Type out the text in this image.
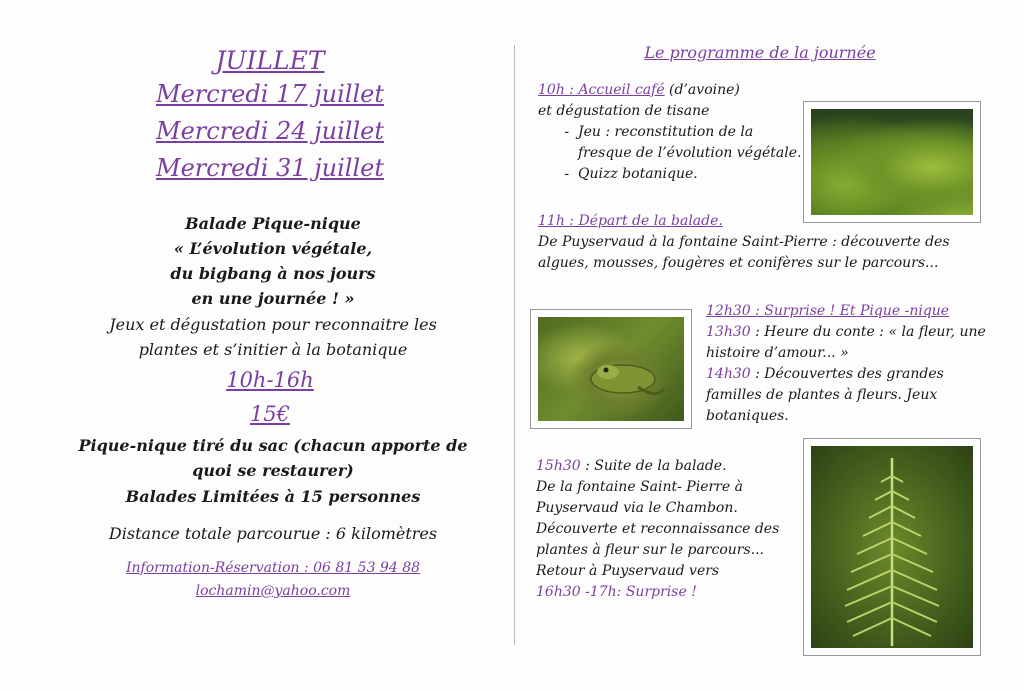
JUILLET
Mercredi 17 juillet
Mercredi 24 juillet
Mercredi 31 juillet
Balade Pique-nique
« L’évolution végétale,
du bigbang à nos jours
en une journée ! »
Jeux et dégustation pour reconnaitre les
plantes et s’initier à la botanique
10h-16h
15€
Pique-nique tiré du sac (chacun apporte de
quoi se restaurer)
Balades Limitées à 15 personnes
Distance totale parcourue : 6 kilomètres
Information-Réservation : 06 81 53 94 88
lochamin@yahoo.com
Le programme de la journée
10h : Accueil café (d’avoine)
et dégustation de tisane
- Jeu : reconstitution de la fresque de l’évolution végétale.
- Quizz botanique.
11h : Départ de la balade.
De Puyservaud à la fontaine Saint-Pierre : découverte des algues, mousses, fougères et conifères sur le parcours...
12h30 : Surprise ! Et Pique -nique
13h30 : Heure du conte : « la fleur, une histoire d’amour... »
14h30 : Découvertes des grandes familles de plantes à fleurs. Jeux botaniques.
15h30 : Suite de la balade.
De la fontaine Saint- Pierre à Puyservaud via le Chambon. Découverte et reconnaissance des plantes à fleur sur le parcours...
Retour à Puyservaud vers
16h30 -17h: Surprise !
